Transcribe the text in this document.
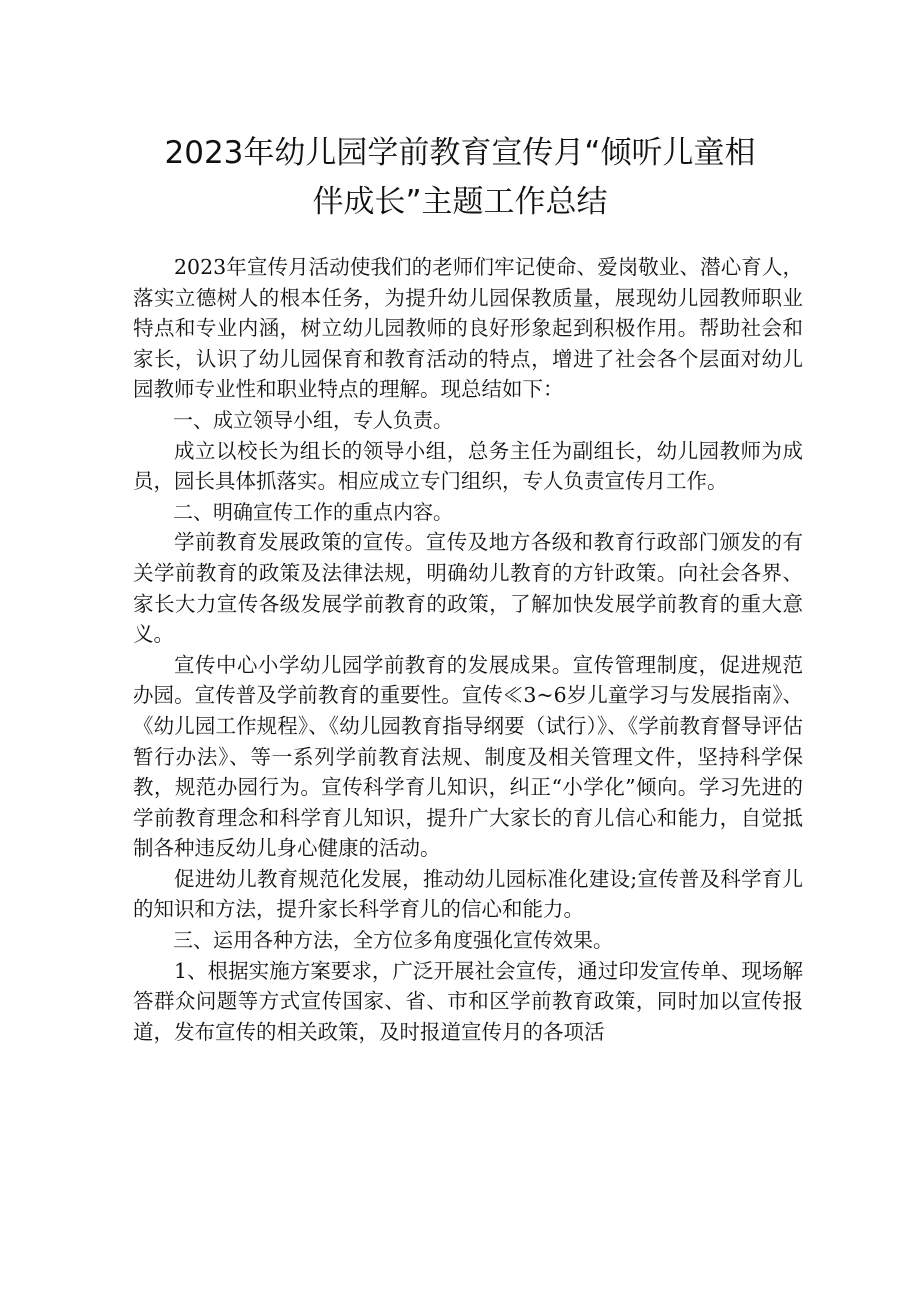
2023年幼儿园学前教育宣传月“倾听儿童相
伴成长”主题工作总结

2023年宣传月活动使我们的老师们牢记使命、爱岗敬业、潜心育人，落实立德树人的根本任务，为提升幼儿园保教质量，展现幼儿园教师职业特点和专业内涵，树立幼儿园教师的良好形象起到积极作用。帮助社会和家长，认识了幼儿园保育和教育活动的特点，增进了社会各个层面对幼儿园教师专业性和职业特点的理解。现总结如下：

一、成立领导小组，专人负责。

成立以校长为组长的领导小组，总务主任为副组长，幼儿园教师为成员，园长具体抓落实。相应成立专门组织，专人负责宣传月工作。

二、明确宣传工作的重点内容。

学前教育发展政策的宣传。宣传及地方各级和教育行政部门颁发的有关学前教育的政策及法律法规，明确幼儿教育的方针政策。向社会各界、家长大力宣传各级发展学前教育的政策，了解加快发展学前教育的重大意义。

宣传中心小学幼儿园学前教育的发展成果。宣传管理制度，促进规范办园。宣传普及学前教育的重要性。宣传≪3~6岁儿童学习与发展指南》、《幼儿园工作规程》、《幼儿园教育指导纲要（试行）》、《学前教育督导评估暂行办法》、等一系列学前教育法规、制度及相关管理文件，坚持科学保教，规范办园行为。宣传科学育儿知识，纠正“小学化”倾向。学习先进的学前教育理念和科学育儿知识，提升广大家长的育儿信心和能力，自觉抵制各种违反幼儿身心健康的活动。

促进幼儿教育规范化发展，推动幼儿园标准化建设;宣传普及科学育儿的知识和方法，提升家长科学育儿的信心和能力。

三、运用各种方法，全方位多角度强化宣传效果。

1、根据实施方案要求，广泛开展社会宣传，通过印发宣传单、现场解答群众问题等方式宣传国家、省、市和区学前教育政策，同时加以宣传报道，发布宣传的相关政策，及时报道宣传月的各项活
